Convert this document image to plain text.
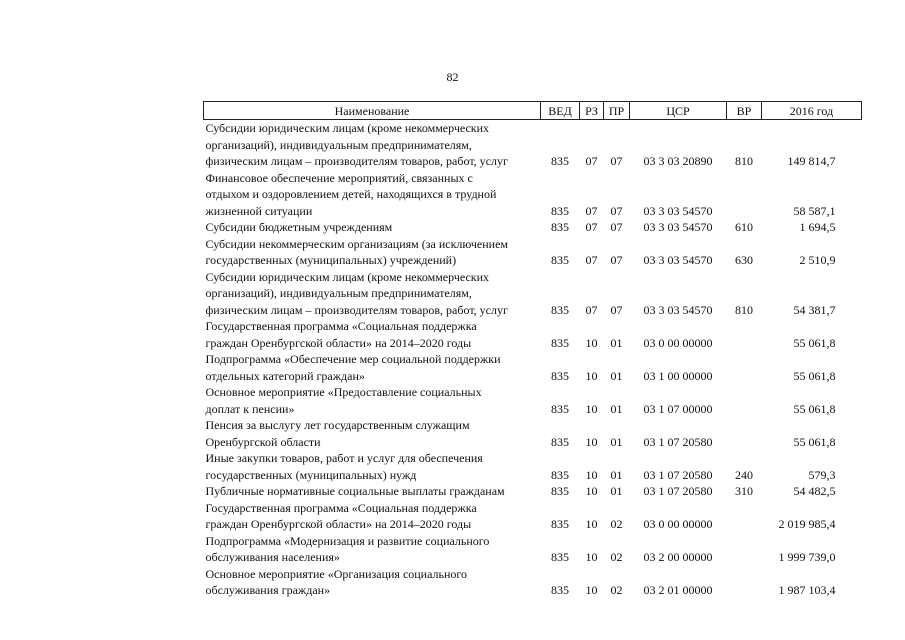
82
Наименование	ВЕД	РЗ	ПР	ЦСР	ВР	2016 год

Субсидии юридическим лицам (кроме некоммерческих
организаций), индивидуальным предпринимателям,
физическим лицам – производителям товаров, работ, услуг	835	07	07	03 3 03 20890	810	149 814,7

Финансовое обеспечение мероприятий, связанных с
отдыхом и оздоровлением детей, находящихся в трудной
жизненной ситуации	835	07	07	03 3 03 54570		58 587,1

Субсидии бюджетным учреждениям	835	07	07	03 3 03 54570	610	1 694,5

Субсидии некоммерческим организациям (за исключением
государственных (муниципальных) учреждений)	835	07	07	03 3 03 54570	630	2 510,9

Субсидии юридическим лицам (кроме некоммерческих
организаций), индивидуальным предпринимателям,
физическим лицам – производителям товаров, работ, услуг	835	07	07	03 3 03 54570	810	54 381,7

Государственная программа «Социальная поддержка
граждан Оренбургской области» на 2014–2020 годы	835	10	01	03 0 00 00000		55 061,8

Подпрограмма «Обеспечение мер социальной поддержки
отдельных категорий граждан»	835	10	01	03 1 00 00000		55 061,8

Основное мероприятие «Предоставление социальных
доплат к пенсии»	835	10	01	03 1 07 00000		55 061,8

Пенсия за выслугу лет государственным служащим
Оренбургской области	835	10	01	03 1 07 20580		55 061,8

Иные закупки товаров, работ и услуг для обеспечения
государственных (муниципальных) нужд	835	10	01	03 1 07 20580	240	579,3

Публичные нормативные социальные выплаты гражданам	835	10	01	03 1 07 20580	310	54 482,5

Государственная программа «Социальная поддержка
граждан Оренбургской области» на 2014–2020 годы	835	10	02	03 0 00 00000		2 019 985,4

Подпрограмма «Модернизация и развитие социального
обслуживания населения»	835	10	02	03 2 00 00000		1 999 739,0

Основное мероприятие «Организация социального
обслуживания граждан»	835	10	02	03 2 01 00000		1 987 103,4
